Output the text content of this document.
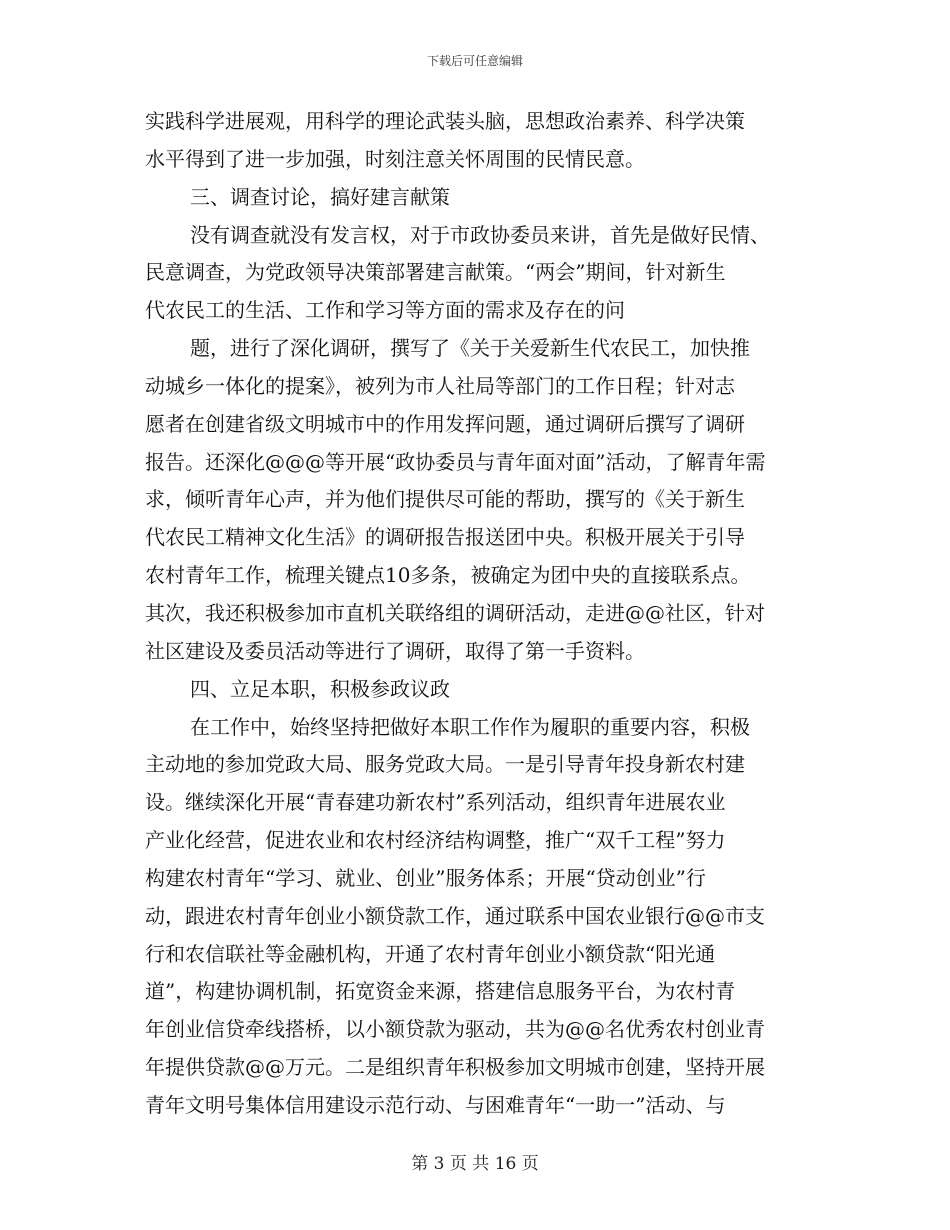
下载后可任意编辑
实践科学进展观，用科学的理论武装头脑，思想政治素养、科学决策
水平得到了进一步加强，时刻注意关怀周围的民情民意。
三、调查讨论，搞好建言献策
没有调查就没有发言权，对于市政协委员来讲，首先是做好民情、
民意调查，为党政领导决策部署建言献策。“两会”期间，针对新生
代农民工的生活、工作和学习等方面的需求及存在的问
题，进行了深化调研，撰写了《关于关爱新生代农民工，加快推
动城乡一体化的提案》，被列为市人社局等部门的工作日程；针对志
愿者在创建省级文明城市中的作用发挥问题，通过调研后撰写了调研
报告。还深化@@@等开展“政协委员与青年面对面”活动，了解青年需
求，倾听青年心声，并为他们提供尽可能的帮助，撰写的《关于新生
代农民工精神文化生活》的调研报告报送团中央。积极开展关于引导
农村青年工作，梳理关键点10多条，被确定为团中央的直接联系点。
其次，我还积极参加市直机关联络组的调研活动，走进@@社区，针对
社区建设及委员活动等进行了调研，取得了第一手资料。
四、立足本职，积极参政议政
在工作中，始终坚持把做好本职工作作为履职的重要内容，积极
主动地的参加党政大局、服务党政大局。一是引导青年投身新农村建
设。继续深化开展“青春建功新农村”系列活动，组织青年进展农业
产业化经营，促进农业和农村经济结构调整，推广“双千工程”努力
构建农村青年“学习、就业、创业”服务体系；开展“贷动创业”行
动，跟进农村青年创业小额贷款工作，通过联系中国农业银行@@市支
行和农信联社等金融机构，开通了农村青年创业小额贷款“阳光通
道”，构建协调机制，拓宽资金来源，搭建信息服务平台，为农村青
年创业信贷牵线搭桥，以小额贷款为驱动，共为@@名优秀农村创业青
年提供贷款@@万元。二是组织青年积极参加文明城市创建，坚持开展
青年文明号集体信用建设示范行动、与困难青年“一助一”活动、与
第 3 页 共 16 页
